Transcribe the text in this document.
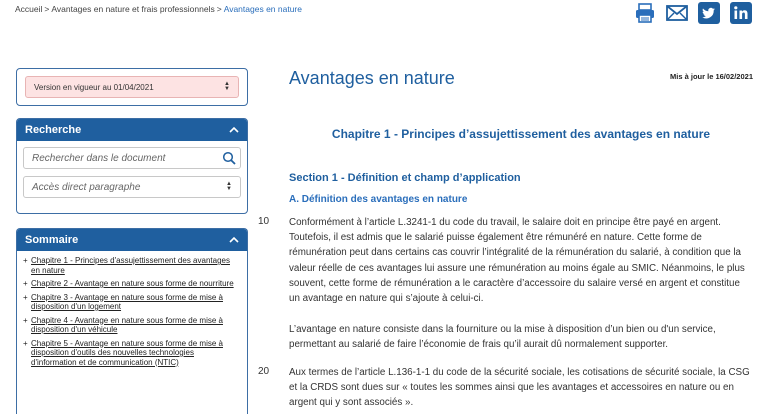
Accueil > Avantages en nature et frais professionnels > Avantages en nature
Version en vigueur au 01/04/2021	▲
▼
Recherche
Rechercher dans le document
Accès direct paragraphe	▲
▼
Sommaire
+ Chapitre 1 - Principes d'assujettissement des avantages en nature
+ Chapitre 2 - Avantage en nature sous forme de nourriture
+ Chapitre 3 - Avantage en nature sous forme de mise à disposition d'un logement
+ Chapitre 4 - Avantage en nature sous forme de mise à disposition d'un véhicule
+ Chapitre 5 - Avantage en nature sous forme de mise à disposition d'outils des nouvelles technologies d'information et de communication (NTIC)
10
20
Avantages en nature	Mis à jour le 16/02/2021
Chapitre 1 - Principes d’assujettissement des avantages en nature
Section 1 - Définition et champ d’application
A. Définition des avantages en nature

Conformément à l’article L.3241-1 du code du travail, le salaire doit en principe être payé en argent. Toutefois, il est admis que le salarié puisse également être rémunéré en nature. Cette forme de rémunération peut dans certains cas couvrir l’intégralité de la rémunération du salarié, à condition que la valeur réelle de ces avantages lui assure une rémunération au moins égale au SMIC. Néanmoins, le plus souvent, cette forme de rémunération a le caractère d’accessoire du salaire versé en argent et constitue un avantage en nature qui s’ajoute à celui-ci.

L’avantage en nature consiste dans la fourniture ou la mise à disposition d’un bien ou d'un service, permettant au salarié de faire l’économie de frais qu’il aurait dû normalement supporter.

Aux termes de l’article L.136-1-1 du code de la sécurité sociale, les cotisations de sécurité sociale, la CSG et la CRDS sont dues sur « toutes les sommes ainsi que les avantages et accessoires en nature ou en argent qui y sont associés ».
